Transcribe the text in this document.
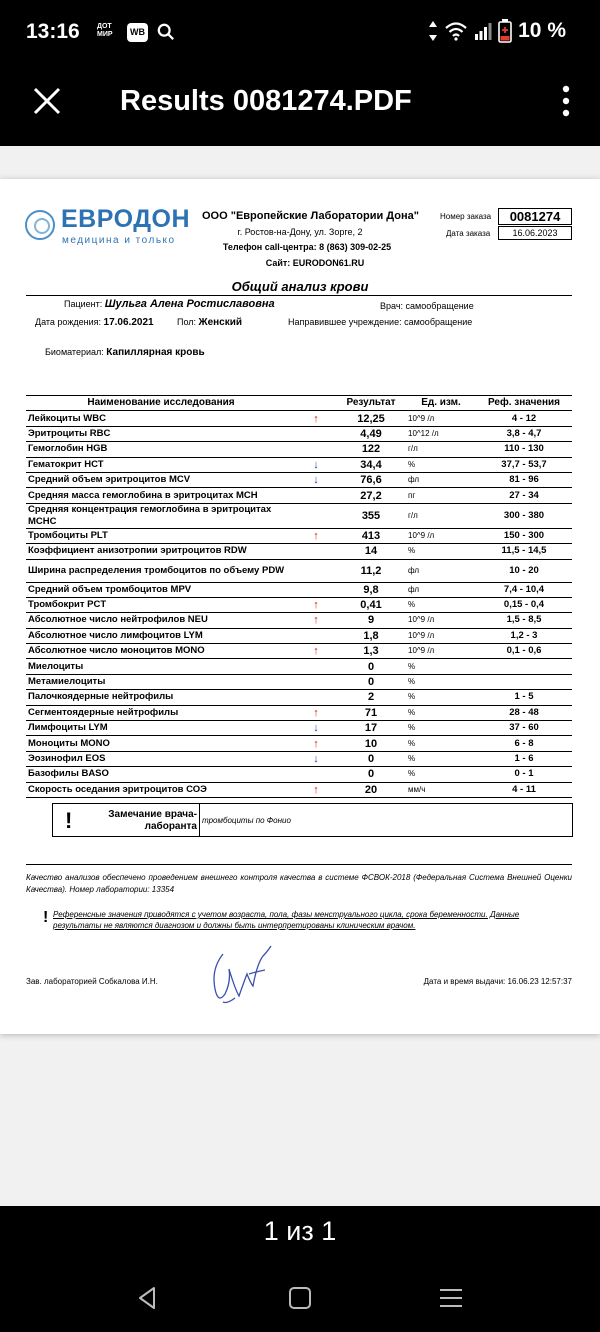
13:16 ДОТ МИР	WB	10 %
Results 0081274.PDF
ЕВРОДОН
медицина и только
ООО "Европейские Лаборатории Дона"
г. Ростов-на-Дону, ул. Зорге, 2
Телефон call-центра: 8 (863) 309-02-25
Сайт: EURODON61.RU
Номер заказа	0081274
Дата заказа	16.06.2023
Общий анализ крови
Пациент: Шульга Алена Ростиславовна	Врач: самообращение
Дата рождения: 17.06.2021	Пол: Женский	Направившее учреждение: самообращение
Биоматериал: Капиллярная кровь
Наименование исследования		Результат	Ед. изм.	Реф. значения
Лейкоциты WBC	↑	12,25	10^9 /л	4 - 12
Эритроциты RBC		4,49	10^12 /л	3,8 - 4,7
Гемоглобин HGB		122	г/л	110 - 130
Гематокрит НСТ	↓	34,4	%	37,7 - 53,7
Средний объем эритроцитов MCV	↓	76,6	фл	81 - 96
Средняя масса гемоглобина в эритроцитах МСН		27,2	пг	27 - 34
Средняя концентрация гемоглобина в эритроцитах МСНС		355	г/л	300 - 380
Тромбоциты PLT	↑	413	10^9 /л	150 - 300
Коэффициент анизотропии эритроцитов RDW		14	%	11,5 - 14,5
Ширина распределения тромбоцитов по объему PDW		11,2	фл	10 - 20
Средний объем тромбоцитов MPV		9,8	фл	7,4 - 10,4
Тромбокрит PCT	↑	0,41	%	0,15 - 0,4
Абсолютное число нейтрофилов NEU	↑	9	10^9 /л	1,5 - 8,5
Абсолютное число лимфоцитов LYM		1,8	10^9 /л	1,2 - 3
Абсолютное число моноцитов MONO	↑	1,3	10^9 /л	0,1 - 0,6
Миелоциты		0	%	
Метамиелоциты		0	%	
Палочкоядерные нейтрофилы		2	%	1 - 5
Сегментоядерные нейтрофилы	↑	71	%	28 - 48
Лимфоциты LYM	↓	17	%	37 - 60
Моноциты MONO	↑	10	%	6 - 8
Эозинофил EOS	↓	0	%	1 - 6
Базофилы BASO		0	%	0 - 1
Скорость оседания эритроцитов СОЭ	↑	20	мм/ч	4 - 11
!	Замечание врача-лаборанта
тромбоциты по Фонио
Качество анализов обеспечено проведением внешнего контроля качества в системе ФСВОК-2018 (Федеральная Система Внешней Оценки Качества). Номер лаборатории: 13354
! Референсные значения приводятся с учетом возраста, пола, фазы менструального цикла, срока беременности. Данные результаты не являются диагнозом и должны быть интерпретированы клиническим врачом.
Зав. лабораторией Собкалова И.Н.	Дата и время выдачи: 16.06.23 12:57:37
1 из 1
